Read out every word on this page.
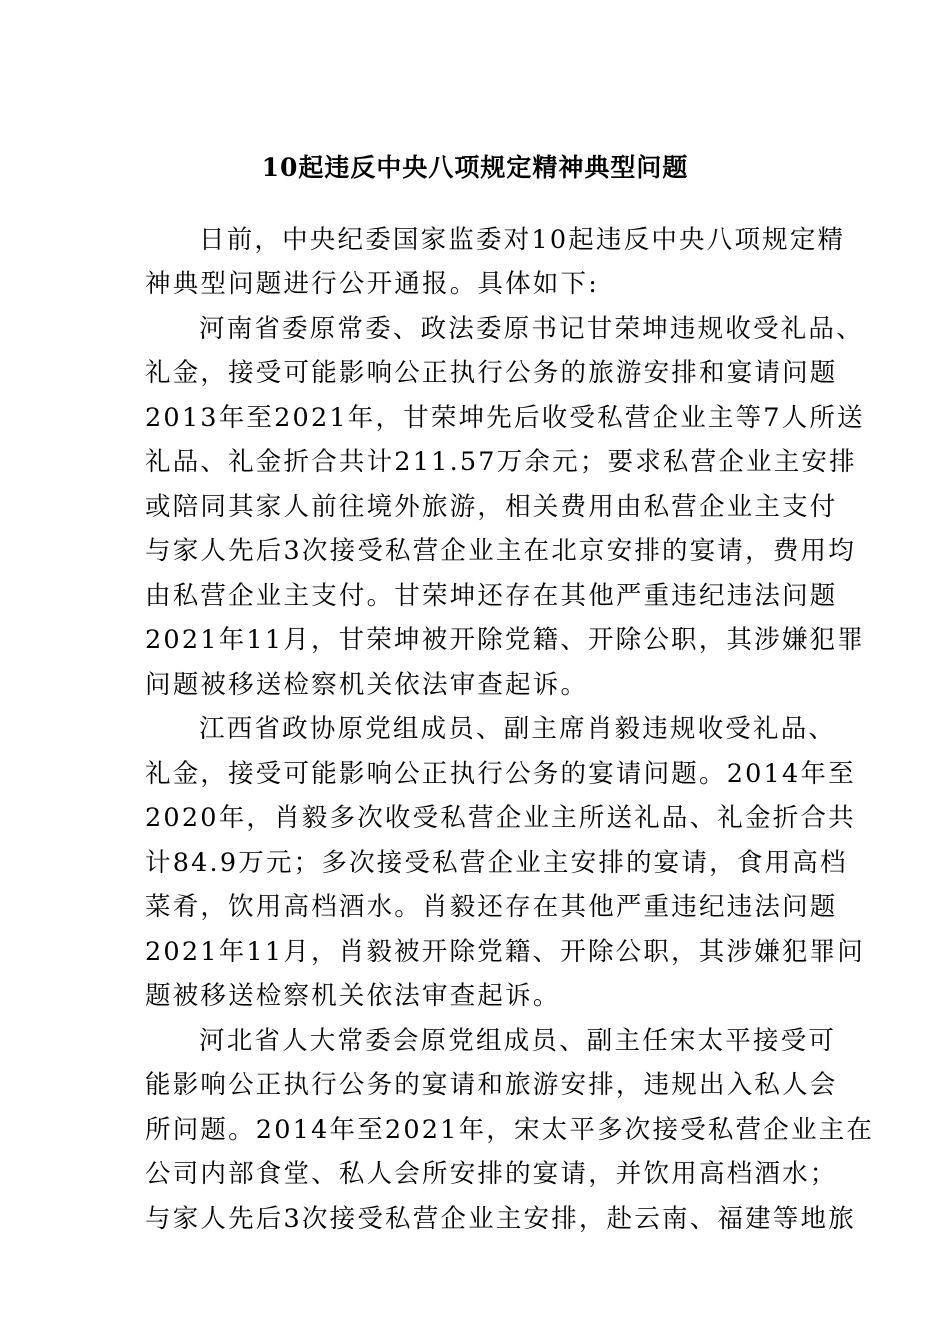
10起违反中央八项规定精神典型问题
日前，中央纪委国家监委对10起违反中央八项规定精
神典型问题进行公开通报。具体如下:
河南省委原常委、政法委原书记甘荣坤违规收受礼品、
礼金，接受可能影响公正执行公务的旅游安排和宴请问题
2013年至2021年，甘荣坤先后收受私营企业主等7人所送
礼品、礼金折合共计211.57万余元；要求私营企业主安排
或陪同其家人前往境外旅游，相关费用由私营企业主支付
与家人先后3次接受私营企业主在北京安排的宴请，费用均
由私营企业主支付。甘荣坤还存在其他严重违纪违法问题
2021年11月，甘荣坤被开除党籍、开除公职，其涉嫌犯罪
问题被移送检察机关依法审查起诉。
江西省政协原党组成员、副主席肖毅违规收受礼品、
礼金，接受可能影响公正执行公务的宴请问题。2014年至
2020年，肖毅多次收受私营企业主所送礼品、礼金折合共
计84.9万元；多次接受私营企业主安排的宴请，食用高档
菜肴，饮用高档酒水。肖毅还存在其他严重违纪违法问题
2021年11月，肖毅被开除党籍、开除公职，其涉嫌犯罪问
题被移送检察机关依法审查起诉。
河北省人大常委会原党组成员、副主任宋太平接受可
能影响公正执行公务的宴请和旅游安排，违规出入私人会
所问题。2014年至2021年，宋太平多次接受私营企业主在
公司内部食堂、私人会所安排的宴请，并饮用高档酒水；
与家人先后3次接受私营企业主安排，赴云南、福建等地旅
